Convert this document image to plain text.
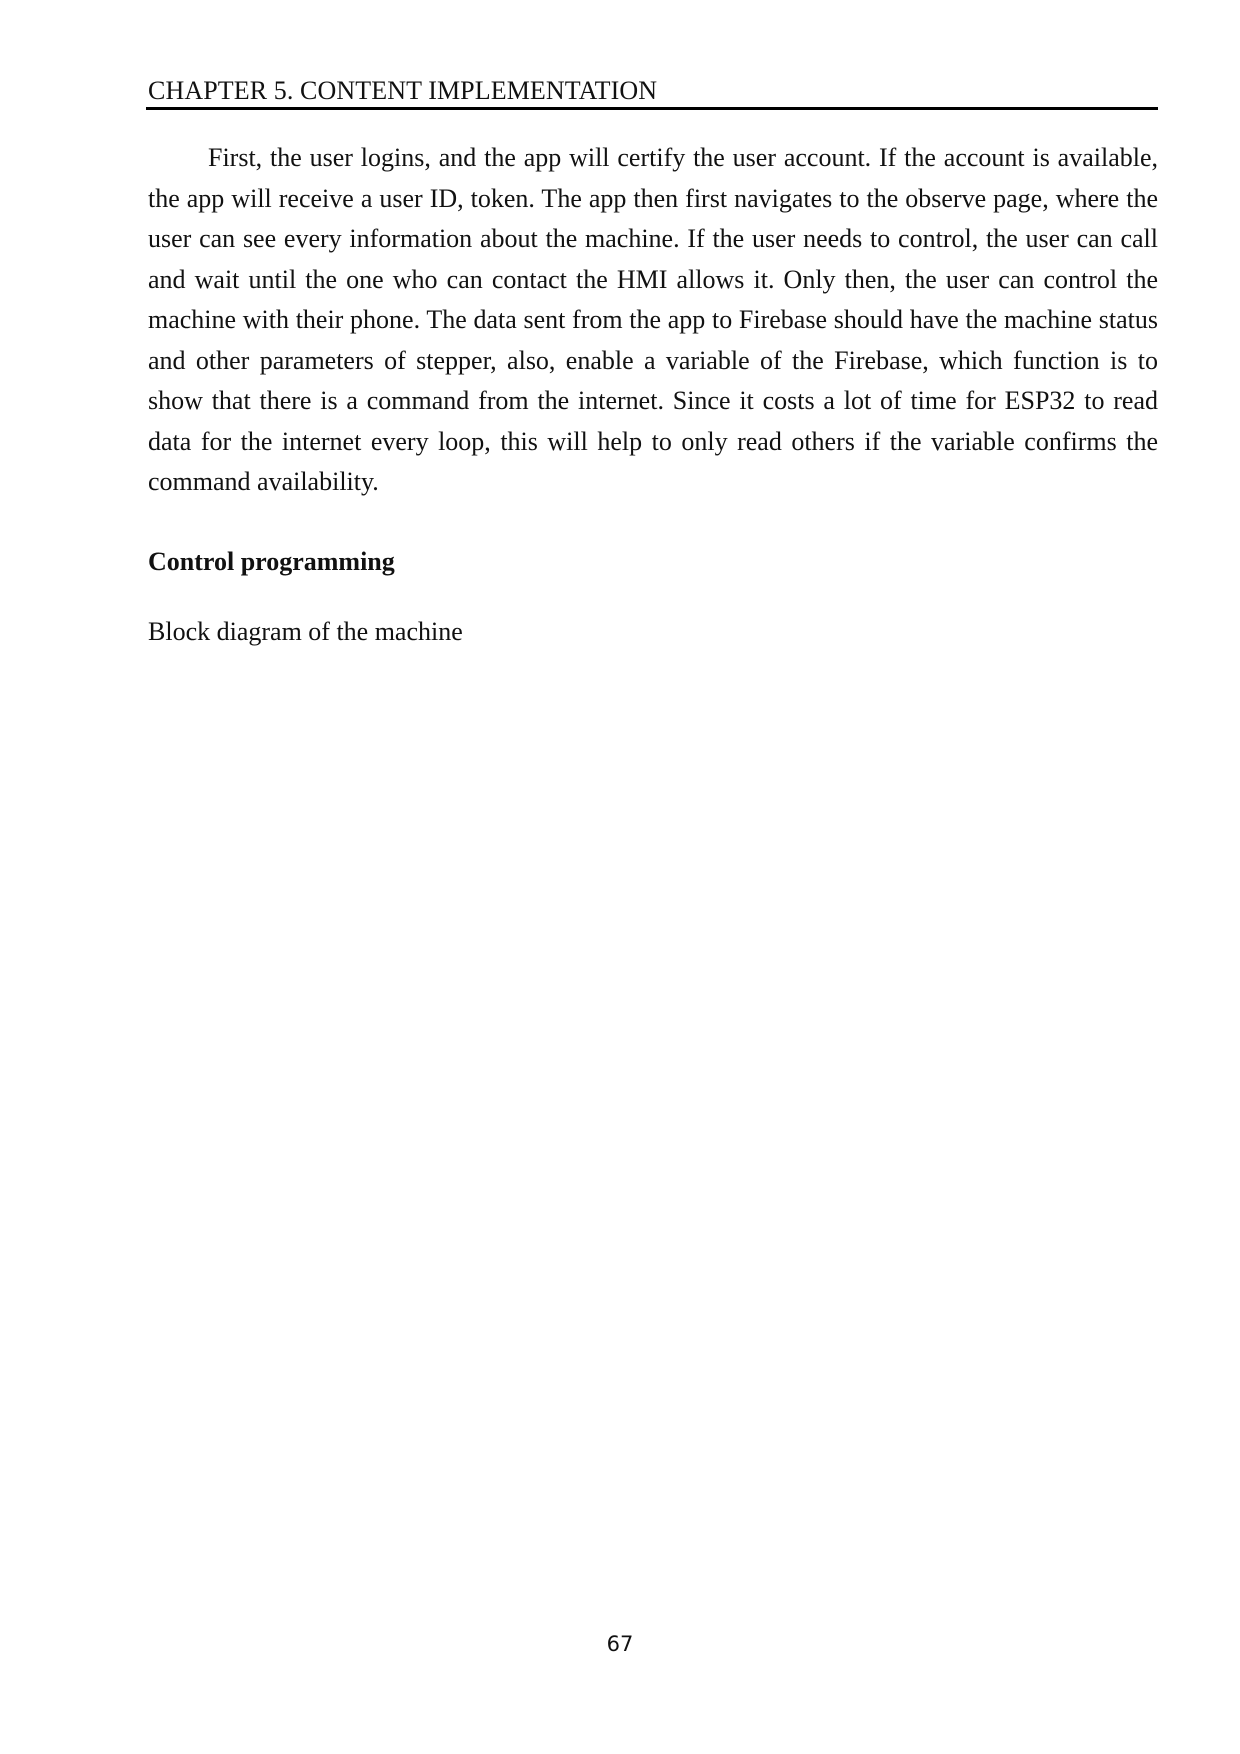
CHAPTER 5. CONTENT IMPLEMENTATION

First, the user logins, and the app will certify the user account. If the account is available, the app will receive a user ID, token. The app then first navigates to the observe page, where the user can see every information about the machine. If the user needs to control, the user can call and wait until the one who can contact the HMI allows it. Only then, the user can control the machine with their phone. The data sent from the app to Firebase should have the machine status and other parameters of stepper, also, enable a variable of the Firebase, which function is to show that there is a command from the internet. Since it costs a lot of time for ESP32 to read data for the internet every loop, this will help to only read others if the variable confirms the command availability.

Control programming

Block diagram of the machine

67
